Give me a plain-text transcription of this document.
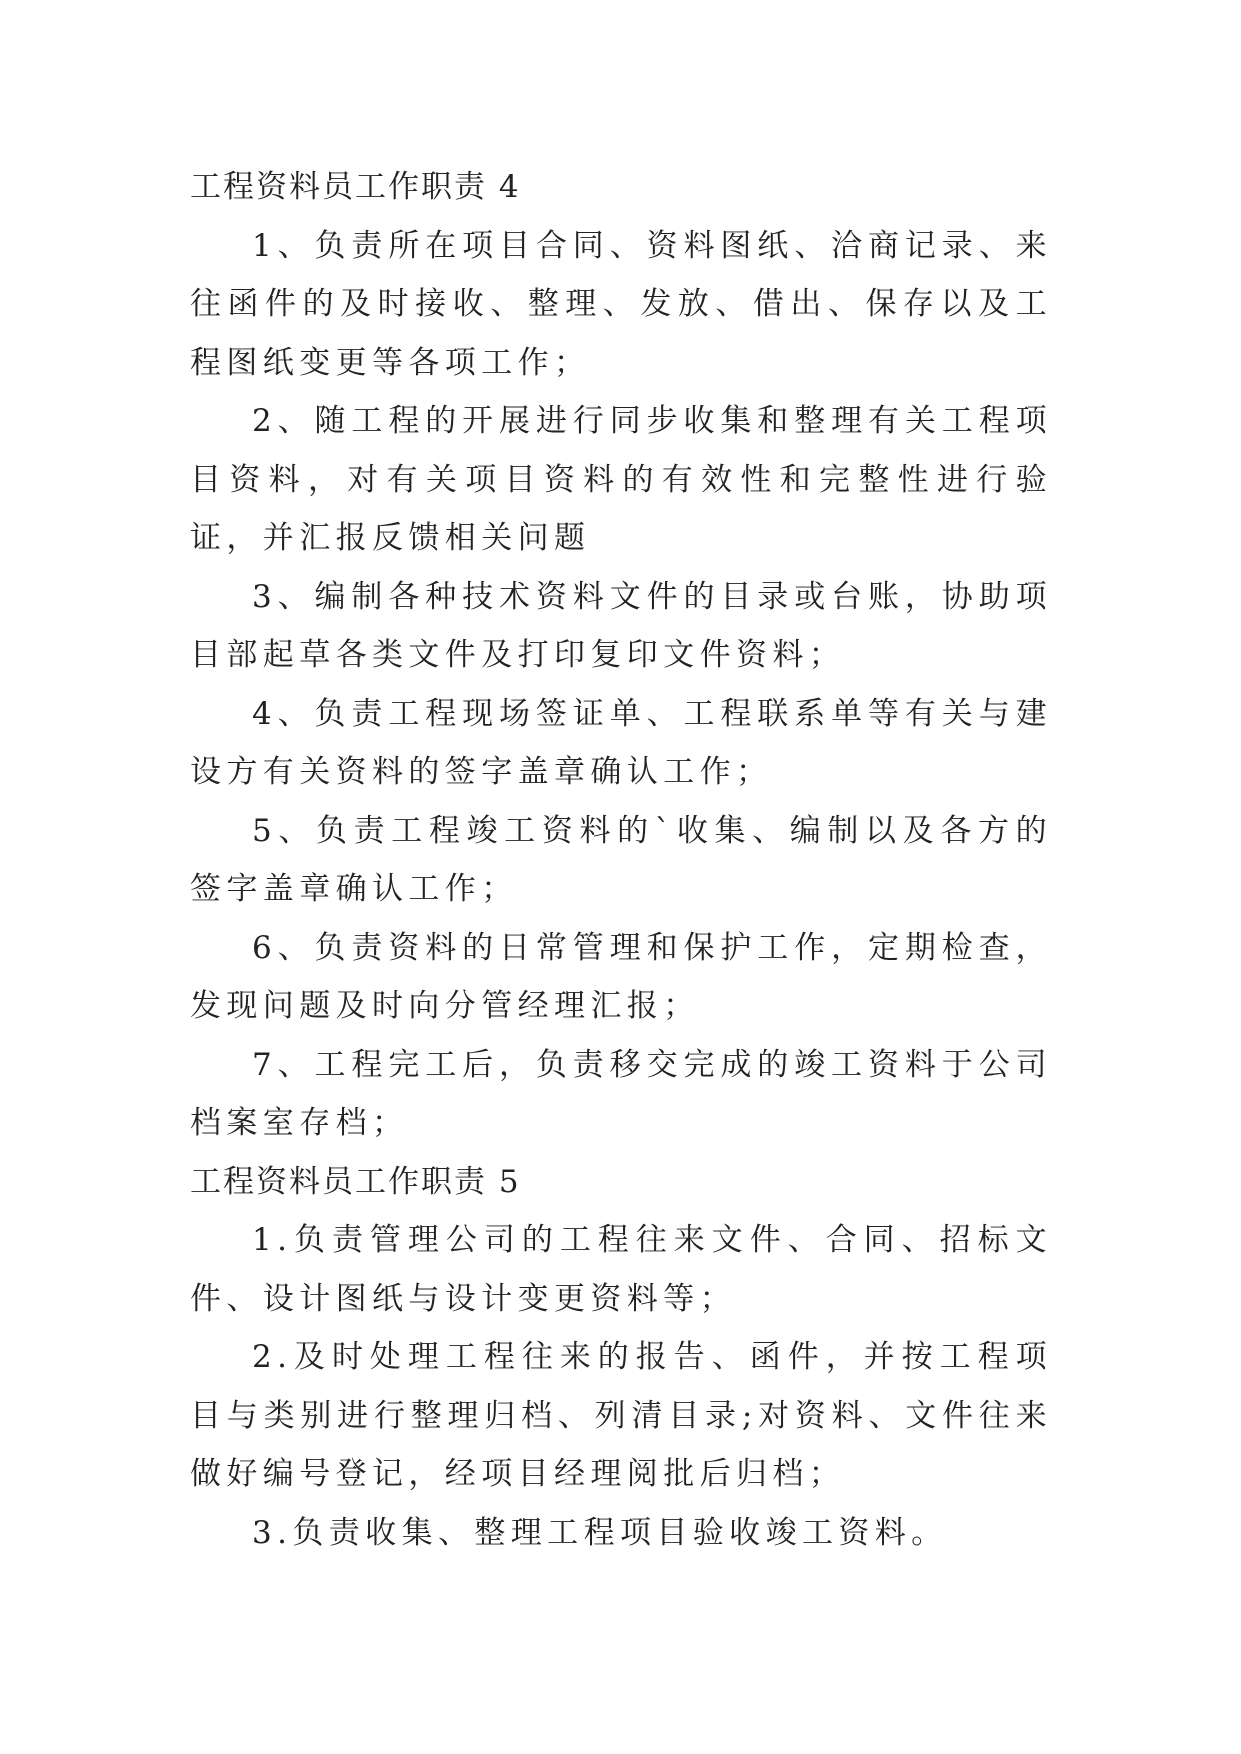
工程资料员工作职责 4

1、负责所在项目合同、资料图纸、洽商记录、来往函件的及时接收、整理、发放、借出、保存以及工程图纸变更等各项工作；

2、随工程的开展进行同步收集和整理有关工程项目资料，对有关项目资料的有效性和完整性进行验证，并汇报反馈相关问题

3、编制各种技术资料文件的目录或台账，协助项目部起草各类文件及打印复印文件资料；

4、负责工程现场签证单、工程联系单等有关与建设方有关资料的签字盖章确认工作；

5、负责工程竣工资料的`收集、编制以及各方的签字盖章确认工作；

6、负责资料的日常管理和保护工作，定期检查，发现问题及时向分管经理汇报；

7、工程完工后，负责移交完成的竣工资料于公司档案室存档；

工程资料员工作职责 5

1.负责管理公司的工程往来文件、合同、招标文件、设计图纸与设计变更资料等；

2.及时处理工程往来的报告、函件，并按工程项目与类别进行整理归档、列清目录;对资料、文件往来做好编号登记，经项目经理阅批后归档；

3.负责收集、整理工程项目验收竣工资料。
